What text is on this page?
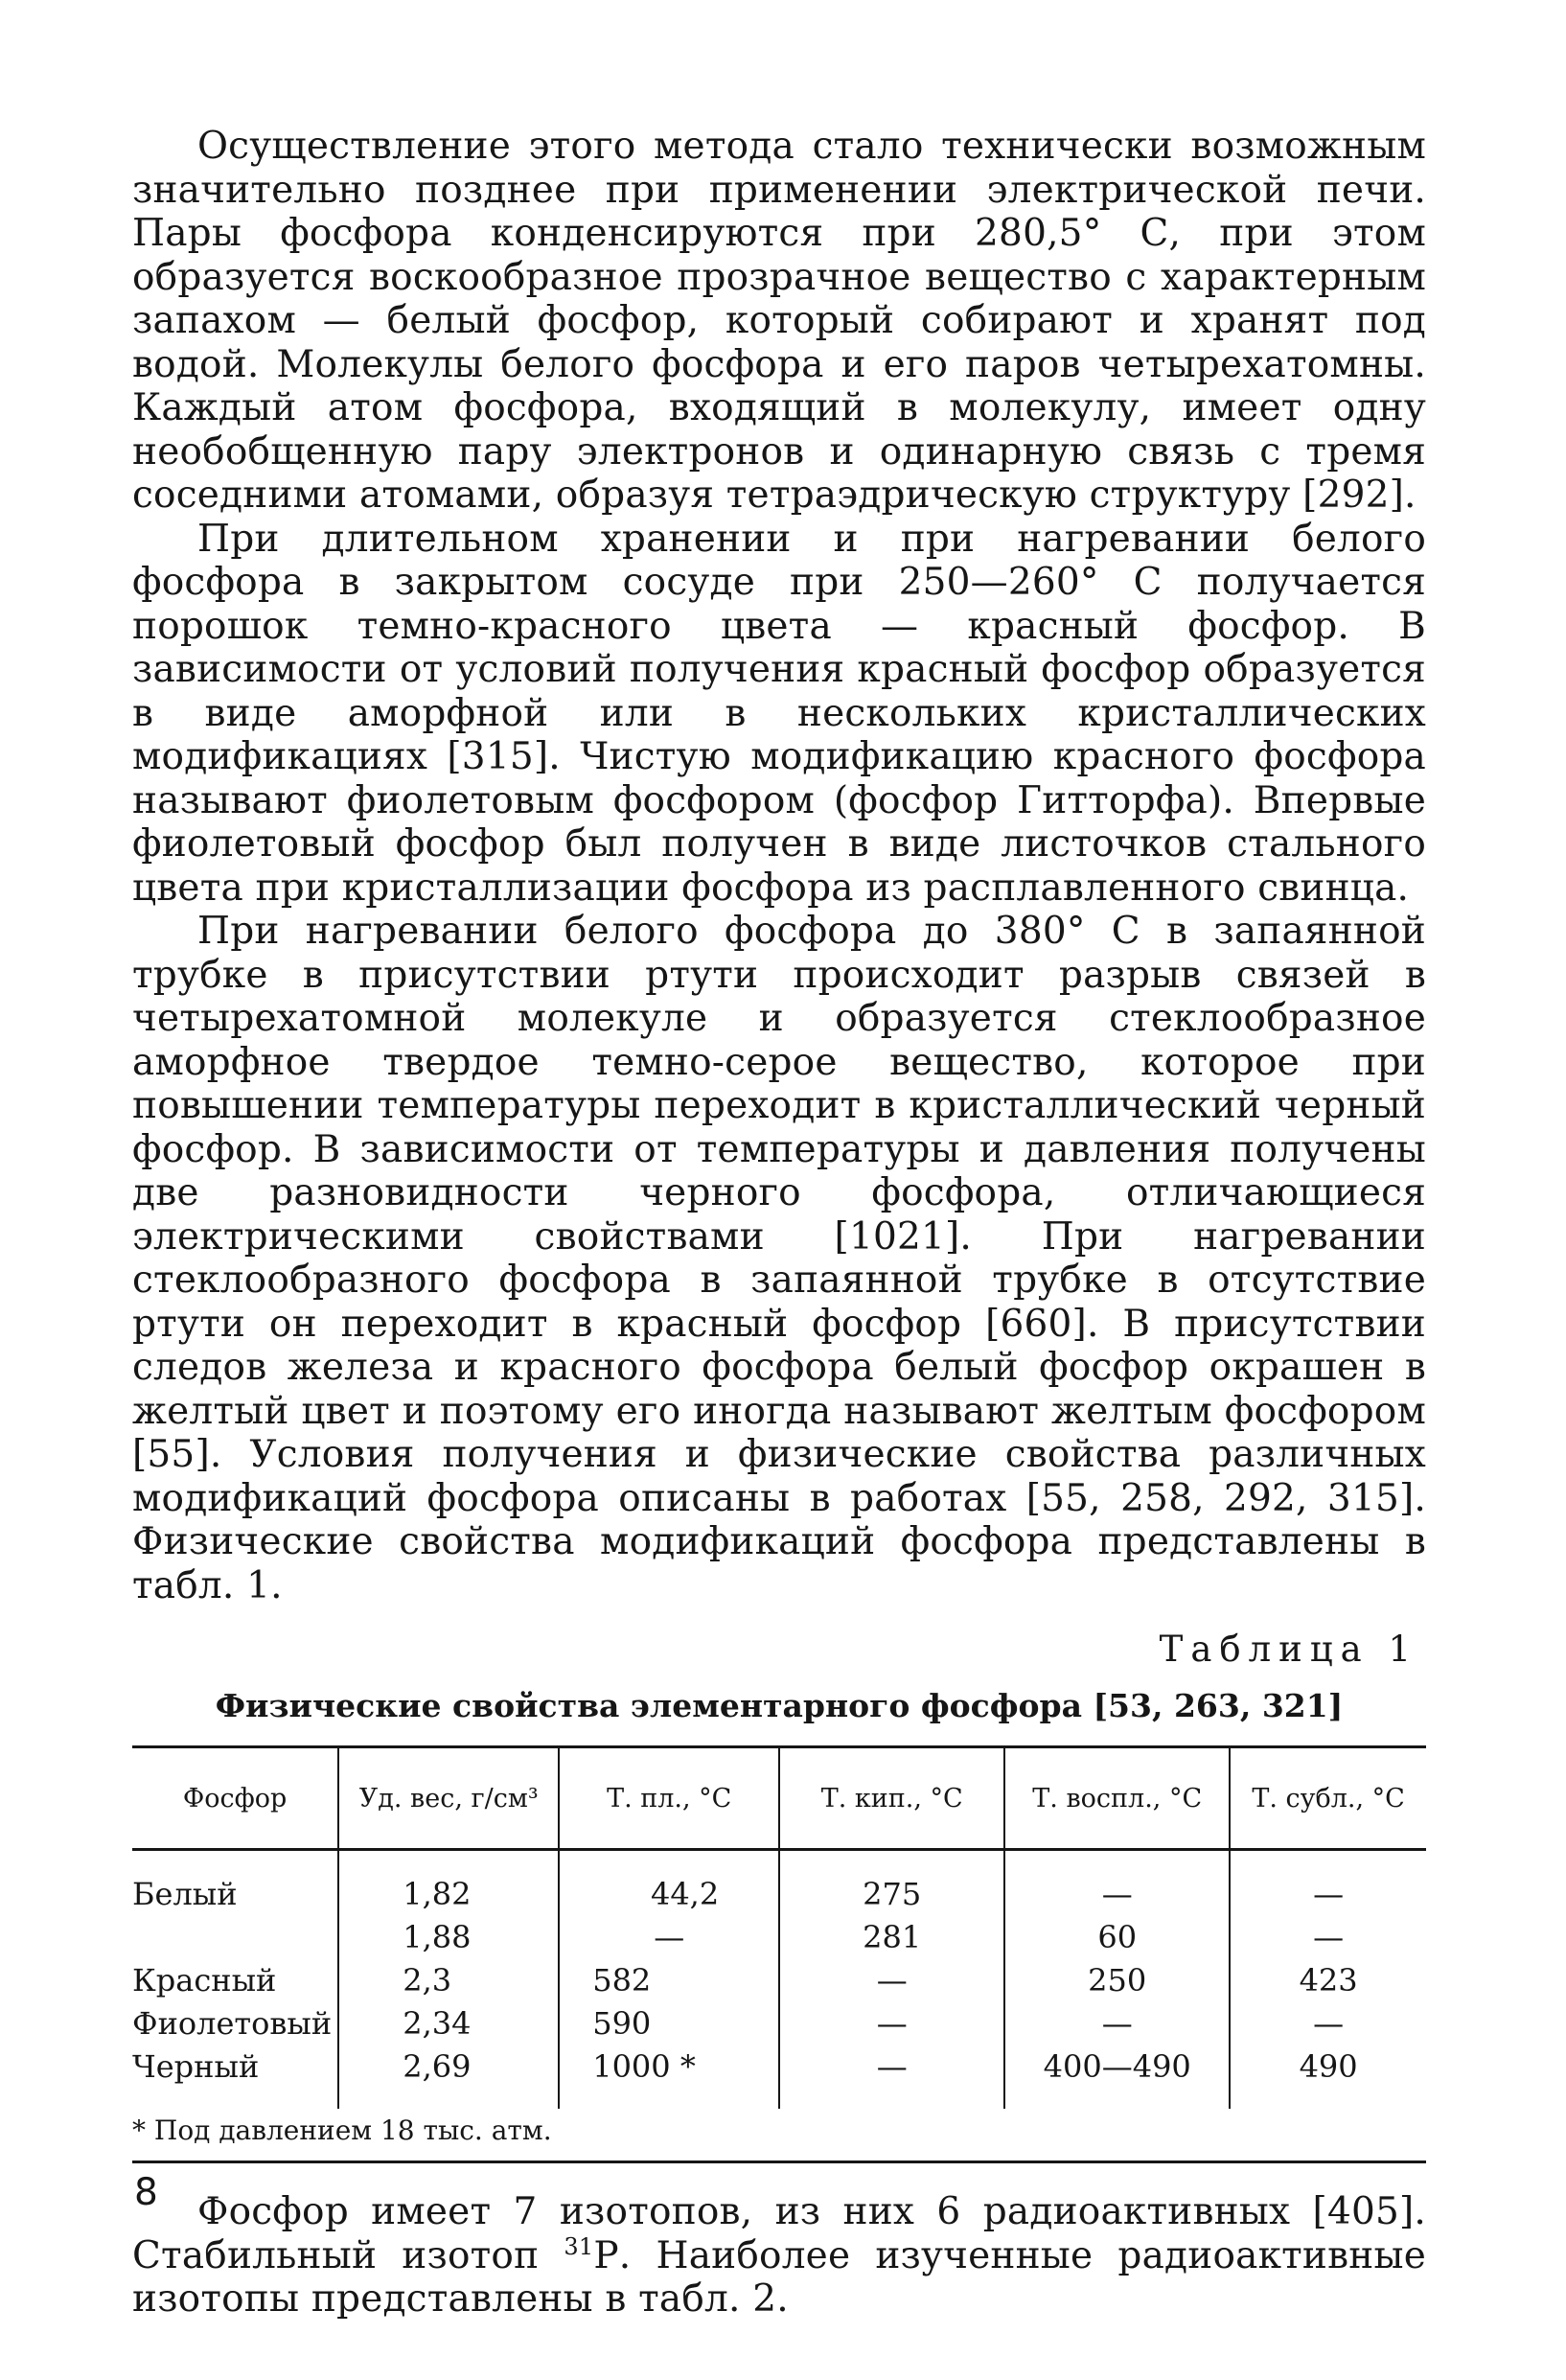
Осуществление этого метода стало технически возможным значительно позднее при применении электрической печи. Пары фосфора конденсируются при 280,5° С, при этом образуется воскообразное прозрачное вещество с характерным запахом — белый фосфор, который собирают и хранят под водой. Молекулы белого фосфора и его паров четырехатомны. Каждый атом фосфора, входящий в молекулу, имеет одну необобщенную пару электронов и одинарную связь с тремя соседними атомами, образуя тетраэдрическую структуру [292].

При длительном хранении и при нагревании белого фосфора в закрытом сосуде при 250—260° С получается порошок темно-красного цвета — красный фосфор. В зависимости от условий получения красный фосфор образуется в виде аморфной или в нескольких кристаллических модификациях [315]. Чистую модификацию красного фосфора называют фиолетовым фосфором (фосфор Гитторфа). Впервые фиолетовый фосфор был получен в виде листочков стального цвета при кристаллизации фосфора из расплавленного свинца.

При нагревании белого фосфора до 380° С в запаянной трубке в присутствии ртути происходит разрыв связей в четырехатомной молекуле и образуется стеклообразное аморфное твердое темно-серое вещество, которое при повышении температуры переходит в кристаллический черный фосфор. В зависимости от температуры и давления получены две разновидности черного фосфора, отличающиеся электрическими свойствами [1021]. При нагревании стеклообразного фосфора в запаянной трубке в отсутствие ртути он переходит в красный фосфор [660]. В присутствии следов железа и красного фосфора белый фосфор окрашен в желтый цвет и поэтому его иногда называют желтым фосфором [55]. Условия получения и физические свойства различных модификаций фосфора описаны в работах [55, 258, 292, 315]. Физические свойства модификаций фосфора представлены в табл. 1.

Таблица 1
Физические свойства элементарного фосфора [53, 263, 321]
Фосфор	Уд. вес, г/см³	Т. пл., °С	Т. кип., °С	Т. воспл., °С	Т. субл., °С
Белый	1,82	44,2	275	—	—
	1,88	—	281	60	—
Красный	2,3	582	—	250	423
Фиолетовый	2,34	590	—	—	—
Черный	2,69	1000 *	—	400—490	490
* Под давлением 18 тыс. атм.					

Фосфор имеет 7 изотопов, из них 6 радиоактивных [405]. Стабильный изотоп $^{31}$Р. Наиболее изученные радиоактивные изотопы представлены в табл. 2.

8
